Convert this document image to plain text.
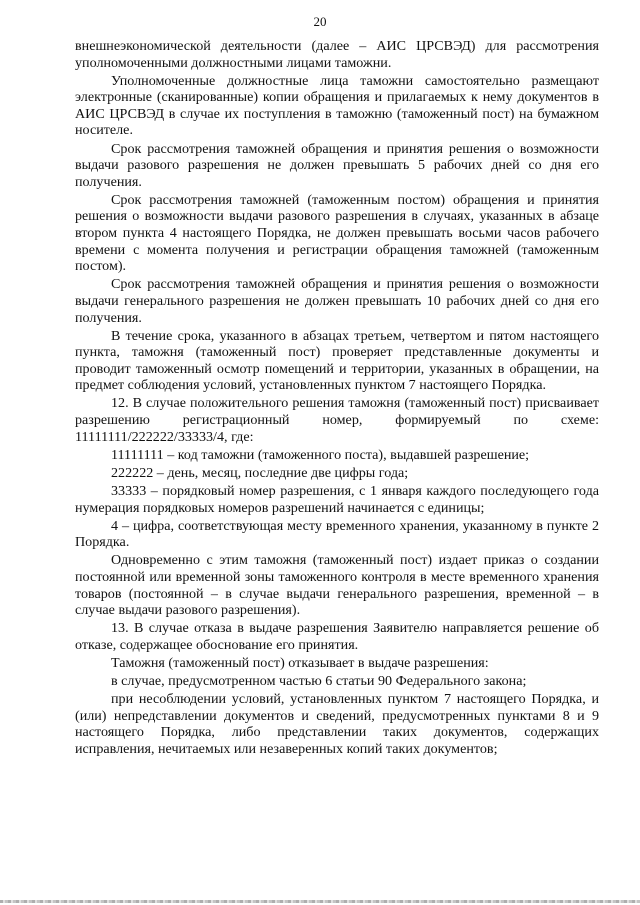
20

внешнеэкономической деятельности (далее – АИС ЦРСВЭД) для рассмотрения уполномоченными должностными лицами таможни.

Уполномоченные должностные лица таможни самостоятельно размещают электронные (сканированные) копии обращения и прилагаемых к нему документов в АИС ЦРСВЭД в случае их поступления в таможню (таможенный пост) на бумажном носителе.

Срок рассмотрения таможней обращения и принятия решения о возможности выдачи разового разрешения не должен превышать 5 рабочих дней со дня его получения.

Срок рассмотрения таможней (таможенным постом) обращения и принятия решения о возможности выдачи разового разрешения в случаях, указанных в абзаце втором пункта 4 настоящего Порядка, не должен превышать восьми часов рабочего времени с момента получения и регистрации обращения таможней (таможенным постом).

Срок рассмотрения таможней обращения и принятия решения о возможности выдачи генерального разрешения не должен превышать 10 рабочих дней со дня его получения.

В течение срока, указанного в абзацах третьем, четвертом и пятом настоящего пункта, таможня (таможенный пост) проверяет представленные документы и проводит таможенный осмотр помещений и территории, указанных в обращении, на предмет соблюдения условий, установленных пунктом 7 настоящего Порядка.

12. В случае положительного решения таможня (таможенный пост) присваивает разрешению регистрационный номер, формируемый по схеме: 11111111/222222/33333/4, где:

11111111 – код таможни (таможенного поста), выдавшей разрешение;

222222 – день, месяц, последние две цифры года;

33333 – порядковый номер разрешения, с 1 января каждого последующего года нумерация порядковых номеров разрешений начинается с единицы;

4 – цифра, соответствующая месту временного хранения, указанному в пункте 2 Порядка.

Одновременно с этим таможня (таможенный пост) издает приказ о создании постоянной или временной зоны таможенного контроля в месте временного хранения товаров (постоянной – в случае выдачи генерального разрешения, временной – в случае выдачи разового разрешения).

13. В случае отказа в выдаче разрешения Заявителю направляется решение об отказе, содержащее обоснование его принятия.

Таможня (таможенный пост) отказывает в выдаче разрешения:

в случае, предусмотренном частью 6 статьи 90 Федерального закона;

при несоблюдении условий, установленных пунктом 7 настоящего Порядка, и (или) непредставлении документов и сведений, предусмотренных пунктами 8 и 9 настоящего Порядка, либо представлении таких документов, содержащих исправления, нечитаемых или незаверенных копий таких документов;
